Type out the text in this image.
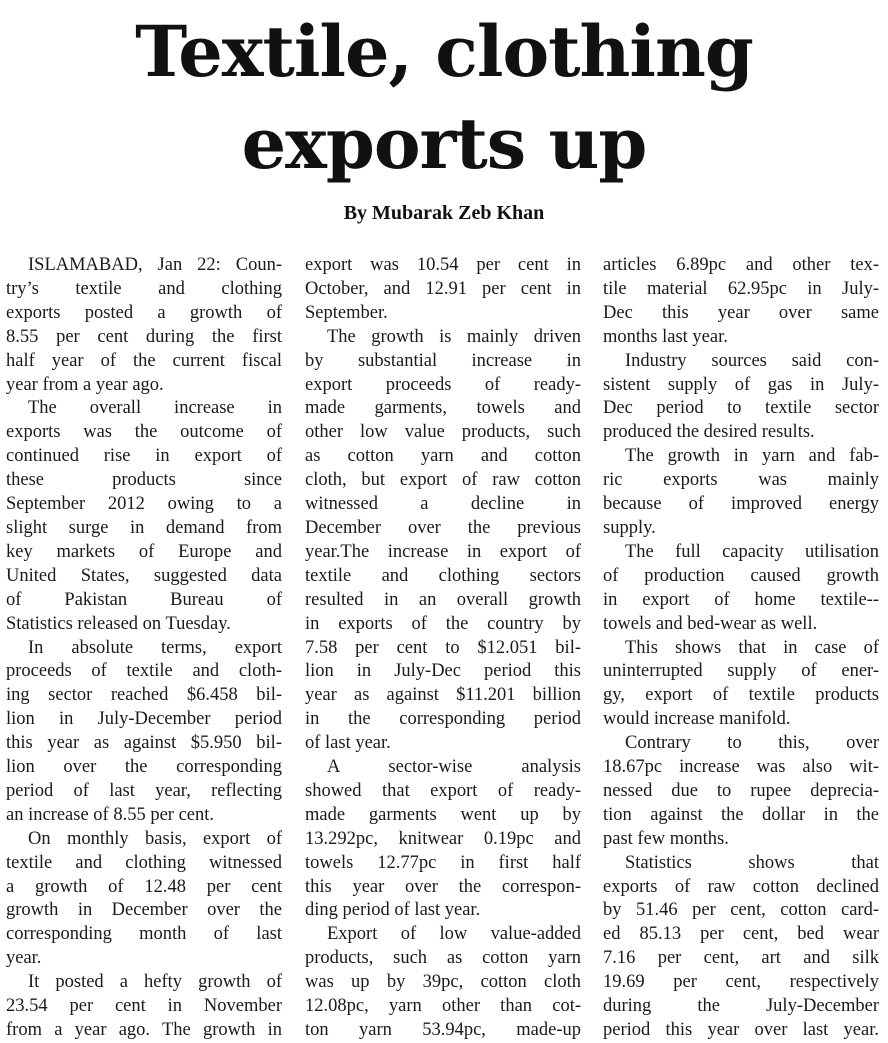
Textile, clothing
exports up
By Mubarak Zeb Khan
ISLAMABAD, Jan 22: Coun-
try’s textile and clothing
exports posted a growth of
8.55 per cent during the first
half year of the current fiscal
year from a year ago.
The overall increase in
exports was the outcome of
continued rise in export of
these products since
September 2012 owing to a
slight surge in demand from
key markets of Europe and
United States, suggested data
of Pakistan Bureau of
Statistics released on Tuesday.
In absolute terms, export
proceeds of textile and cloth-
ing sector reached $6.458 bil-
lion in July-December period
this year as against $5.950 bil-
lion over the corresponding
period of last year, reflecting
an increase of 8.55 per cent.
On monthly basis, export of
textile and clothing witnessed
a growth of 12.48 per cent
growth in December over the
corresponding month of last
year.
It posted a hefty growth of
23.54 per cent in November
from a year ago. The growth in
export was 10.54 per cent in
October, and 12.91 per cent in
September.
The growth is mainly driven
by substantial increase in
export proceeds of ready-
made garments, towels and
other low value products, such
as cotton yarn and cotton
cloth, but export of raw cotton
witnessed a decline in
December over the previous
year.The increase in export of
textile and clothing sectors
resulted in an overall growth
in exports of the country by
7.58 per cent to $12.051 bil-
lion in July-Dec period this
year as against $11.201 billion
in the corresponding period
of last year.
A sector-wise analysis
showed that export of ready-
made garments went up by
13.292pc, knitwear 0.19pc and
towels 12.77pc in first half
this year over the correspon-
ding period of last year.
Export of low value-added
products, such as cotton yarn
was up by 39pc, cotton cloth
12.08pc, yarn other than cot-
ton yarn 53.94pc, made-up
articles 6.89pc and other tex-
tile material 62.95pc in July-
Dec this year over same
months last year.
Industry sources said con-
sistent supply of gas in July-
Dec period to textile sector
produced the desired results.
The growth in yarn and fab-
ric exports was mainly
because of improved energy
supply.
The full capacity utilisation
of production caused growth
in export of home textile--
towels and bed-wear as well.
This shows that in case of
uninterrupted supply of ener-
gy, export of textile products
would increase manifold.
Contrary to this, over
18.67pc increase was also wit-
nessed due to rupee deprecia-
tion against the dollar in the
past few months.
Statistics shows that
exports of raw cotton declined
by 51.46 per cent, cotton card-
ed 85.13 per cent, bed wear
7.16 per cent, art and silk
19.69 per cent, respectively
during the July-December
period this year over last year.
